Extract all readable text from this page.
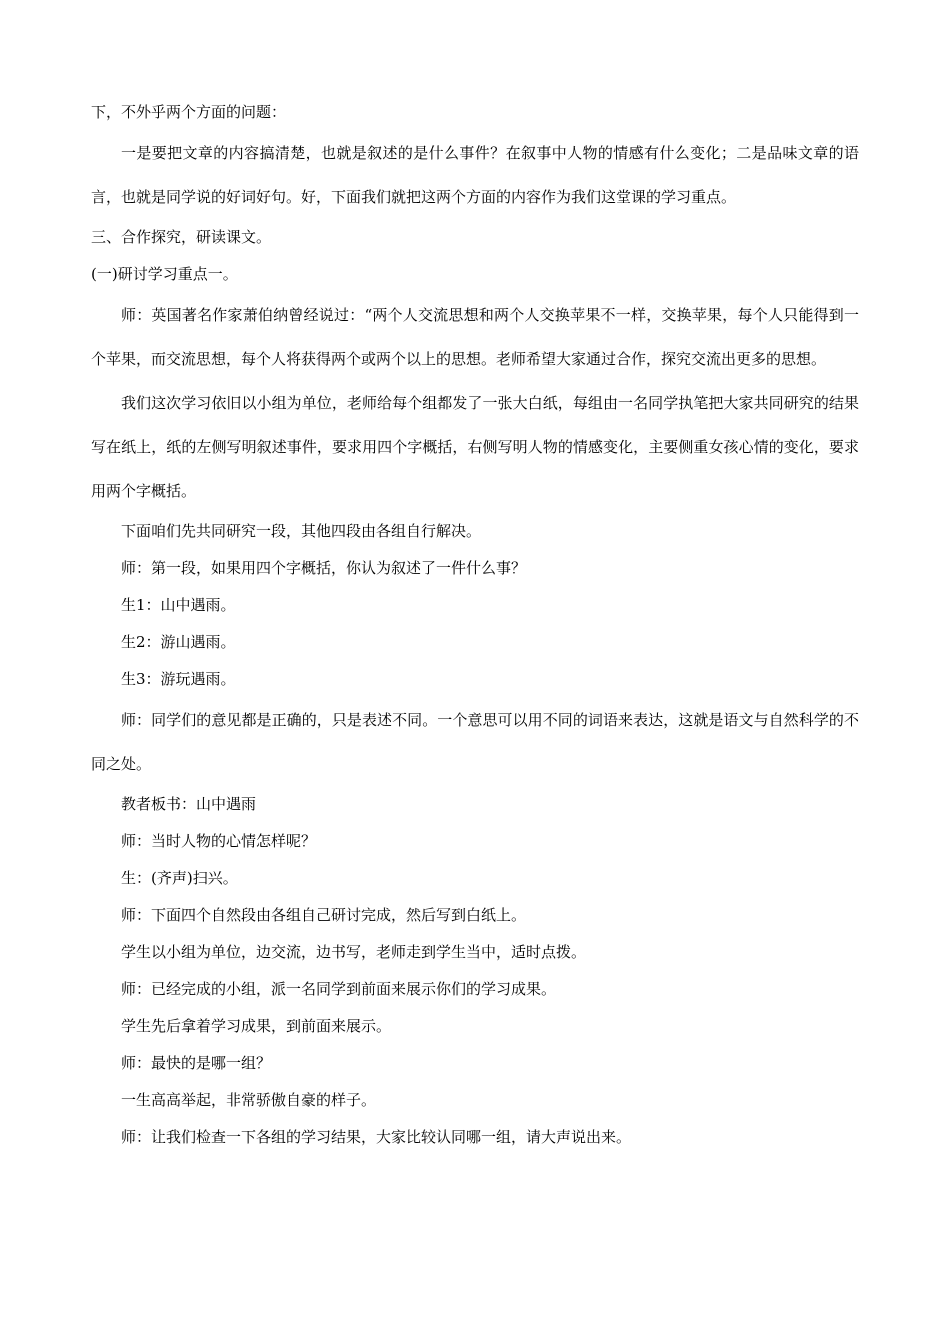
下，不外乎两个方面的问题：

一是要把文章的内容搞清楚，也就是叙述的是什么事件？在叙事中人物的情感有什么变化；二是品味文章的语言，也就是同学说的好词好句。好，下面我们就把这两个方面的内容作为我们这堂课的学习重点。

三、合作探究，研读课文。

(一)研讨学习重点一。

师：英国著名作家萧伯纳曾经说过：“两个人交流思想和两个人交换苹果不一样，交换苹果，每个人只能得到一个苹果，而交流思想，每个人将获得两个或两个以上的思想。老师希望大家通过合作，探究交流出更多的思想。

我们这次学习依旧以小组为单位，老师给每个组都发了一张大白纸，每组由一名同学执笔把大家共同研究的结果写在纸上，纸的左侧写明叙述事件，要求用四个字概括，右侧写明人物的情感变化，主要侧重女孩心情的变化，要求用两个字概括。

下面咱们先共同研究一段，其他四段由各组自行解决。

师：第一段，如果用四个字概括，你认为叙述了一件什么事？

生1：山中遇雨。

生2：游山遇雨。

生3：游玩遇雨。

师：同学们的意见都是正确的，只是表述不同。一个意思可以用不同的词语来表达，这就是语文与自然科学的不同之处。

教者板书：山中遇雨

师：当时人物的心情怎样呢？

生：(齐声)扫兴。

师：下面四个自然段由各组自己研讨完成，然后写到白纸上。

学生以小组为单位，边交流，边书写，老师走到学生当中，适时点拨。

师：已经完成的小组，派一名同学到前面来展示你们的学习成果。

学生先后拿着学习成果，到前面来展示。

师：最快的是哪一组？

一生高高举起，非常骄傲自豪的样子。

师：让我们检查一下各组的学习结果，大家比较认同哪一组，请大声说出来。
